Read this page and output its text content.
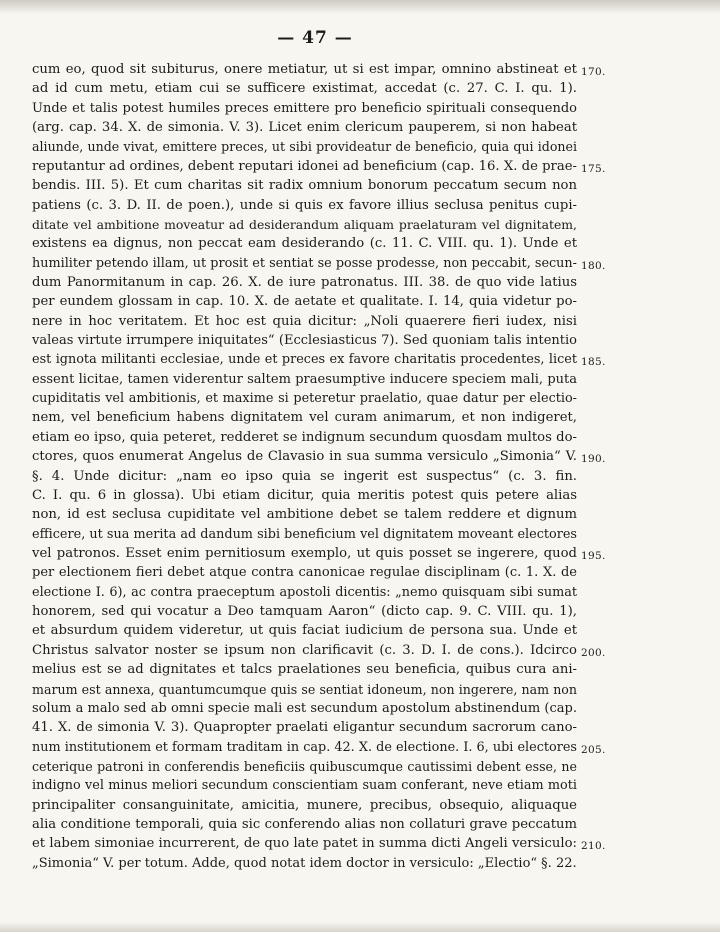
— 47 —
cum eo, quod sit subiturus, onere metiatur, ut si est impar, omnino abstineat et 170.
ad id cum metu, etiam cui se sufficere existimat, accedat (c. 27. C. I. qu. 1).
Unde et talis potest humiles preces emittere pro beneficio spirituali consequendo
(arg. cap. 34. X. de simonia. V. 3). Licet enim clericum pauperem, si non habeat
aliunde, unde vivat, emittere preces, ut sibi provideatur de beneficio, quia qui idonei
reputantur ad ordines, debent reputari idonei ad beneficium (cap. 16. X. de prae- 175.
bendis. III. 5). Et cum charitas sit radix omnium bonorum peccatum secum non
patiens (c. 3. D. II. de poen.), unde si quis ex favore illius seclusa penitus cupi-
ditate vel ambitione moveatur ad desiderandum aliquam praelaturam vel dignitatem,
existens ea dignus, non peccat eam desiderando (c. 11. C. VIII. qu. 1). Unde et
humiliter petendo illam, ut prosit et sentiat se posse prodesse, non peccabit, secun- 180.
dum Panormitanum in cap. 26. X. de iure patronatus. III. 38. de quo vide latius
per eundem glossam in cap. 10. X. de aetate et qualitate. I. 14, quia videtur po-
nere in hoc veritatem. Et hoc est quia dicitur: „Noli quaerere fieri iudex, nisi
valeas virtute irrumpere iniquitates“ (Ecclesiasticus 7). Sed quoniam talis intentio
est ignota militanti ecclesiae, unde et preces ex favore charitatis procedentes, licet 185.
essent licitae, tamen viderentur saltem praesumptive inducere speciem mali, puta
cupiditatis vel ambitionis, et maxime si peteretur praelatio, quae datur per electio-
nem, vel beneficium habens dignitatem vel curam animarum, et non indigeret,
etiam eo ipso, quia peteret, redderet se indignum secundum quosdam multos do-
ctores, quos enumerat Angelus de Clavasio in sua summa versiculo „Simonia“ V. 190.
§. 4. Unde dicitur: „nam eo ipso quia se ingerit est suspectus“ (c. 3. fin.
C. I. qu. 6 in glossa). Ubi etiam dicitur, quia meritis potest quis petere alias
non, id est seclusa cupiditate vel ambitione debet se talem reddere et dignum
efficere, ut sua merita ad dandum sibi beneficium vel dignitatem moveant electores
vel patronos. Esset enim pernitiosum exemplo, ut quis posset se ingerere, quod 195.
per electionem fieri debet atque contra canonicae regulae disciplinam (c. 1. X. de
electione I. 6), ac contra praeceptum apostoli dicentis: „nemo quisquam sibi sumat
honorem, sed qui vocatur a Deo tamquam Aaron“ (dicto cap. 9. C. VIII. qu. 1),
et absurdum quidem videretur, ut quis faciat iudicium de persona sua. Unde et
Christus salvator noster se ipsum non clarificavit (c. 3. D. I. de cons.). Idcirco 200.
melius est se ad dignitates et talcs praelationes seu beneficia, quibus cura ani-
marum est annexa, quantumcumque quis se sentiat idoneum, non ingerere, nam non
solum a malo sed ab omni specie mali est secundum apostolum abstinendum (cap.
41. X. de simonia V. 3). Quapropter praelati eligantur secundum sacrorum cano-
num institutionem et formam traditam in cap. 42. X. de electione. I. 6, ubi electores 205.
ceterique patroni in conferendis beneficiis quibuscumque cautissimi debent esse, ne
indigno vel minus meliori secundum conscientiam suam conferant, neve etiam moti
principaliter consanguinitate, amicitia, munere, precibus, obsequio, aliquaque
alia conditione temporali, quia sic conferendo alias non collaturi grave peccatum
et labem simoniae incurrerent, de quo late patet in summa dicti Angeli versiculo: 210.
„Simonia“ V. per totum. Adde, quod notat idem doctor in versiculo: „Electio“ §. 22.
